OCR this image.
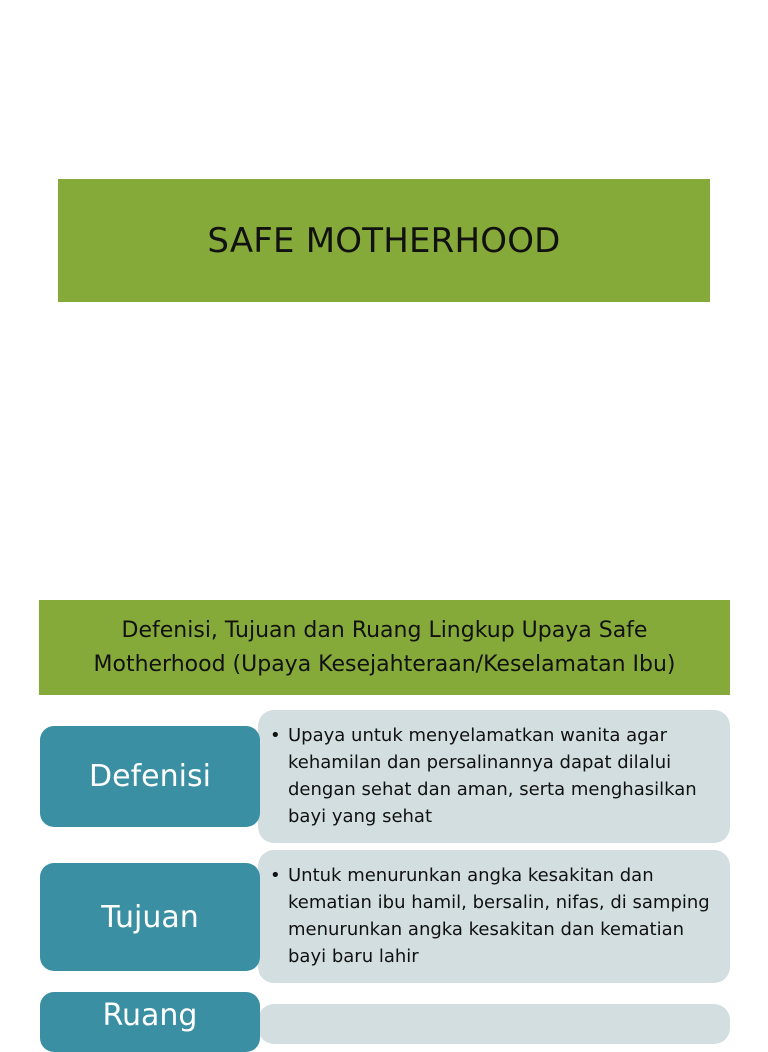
SAFE MOTHERHOOD
Defenisi, Tujuan dan Ruang Lingkup Upaya Safe Motherhood (Upaya Kesejahteraan/Keselamatan Ibu)
• Upaya untuk menyelamatkan wanita agar kehamilan dan persalinannya dapat dilalui dengan sehat dan aman, serta menghasilkan bayi yang sehat
Defenisi
• Untuk menurunkan angka kesakitan dan kematian ibu hamil, bersalin, nifas, di samping menurunkan angka kesakitan dan kematian bayi baru lahir
Tujuan
Ruang
